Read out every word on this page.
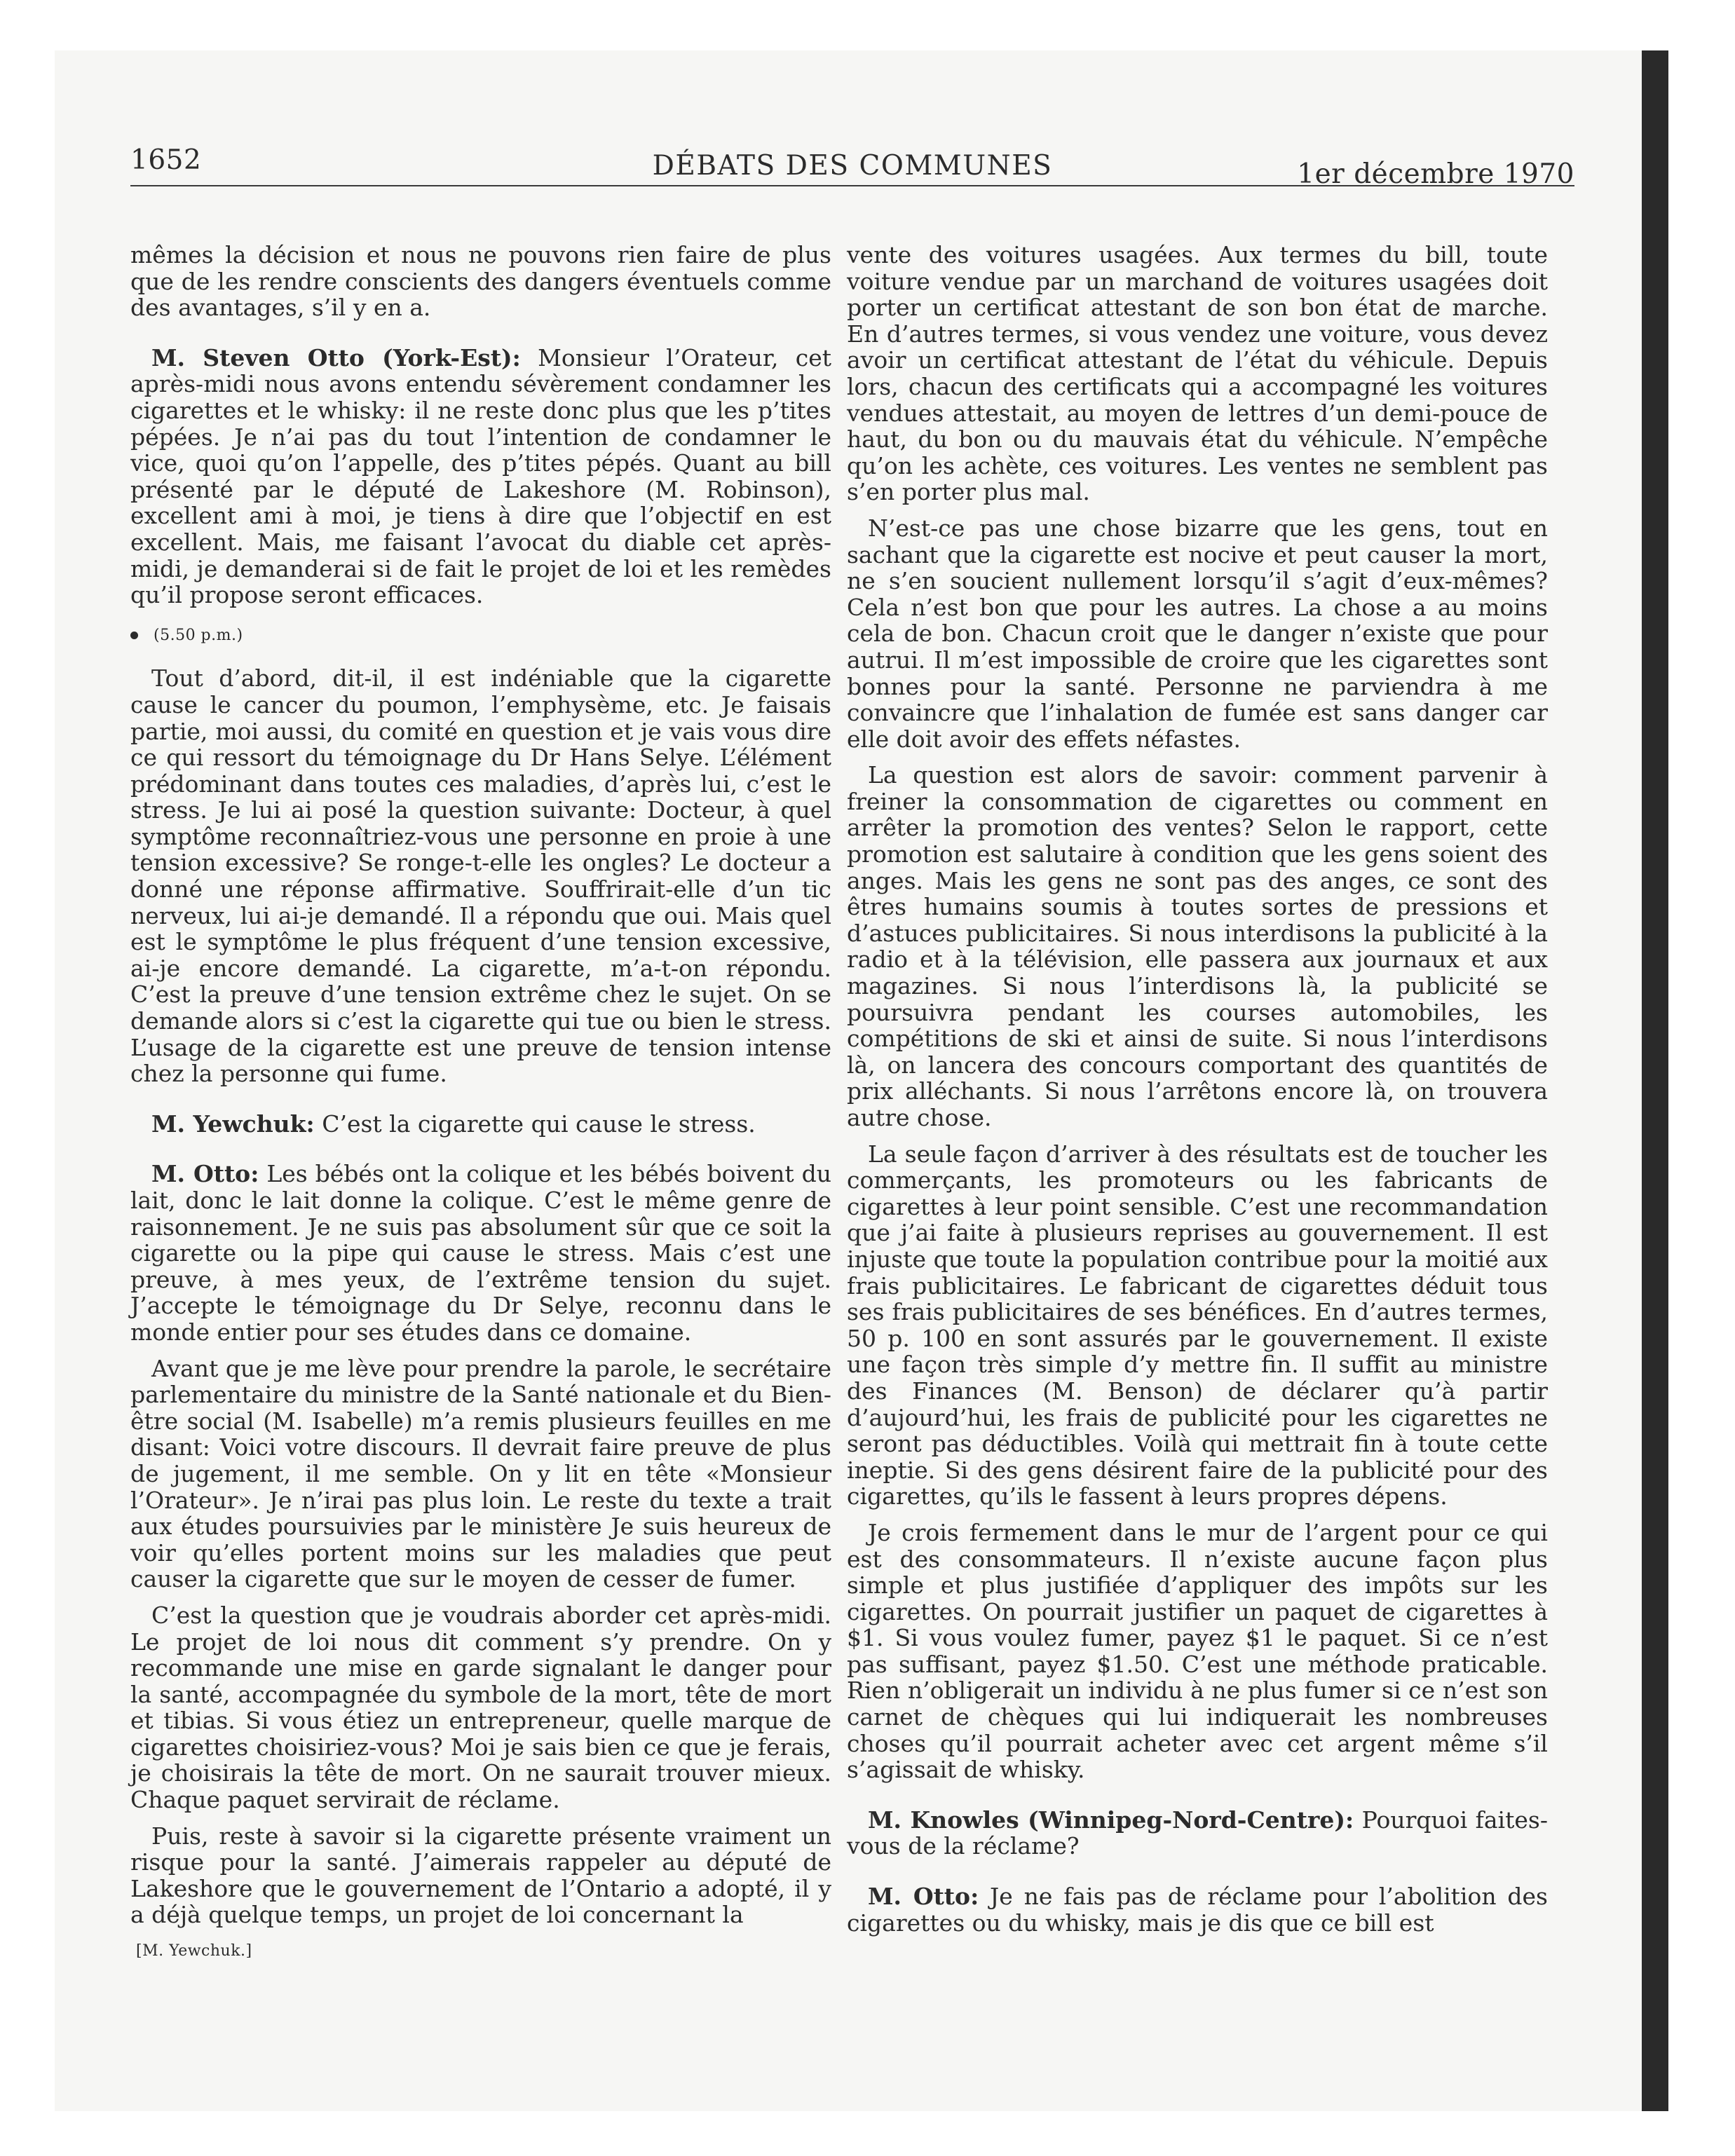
1652	DÉBATS DES COMMUNES	1er décembre 1970

mêmes la décision et nous ne pouvons rien faire de plus que de les rendre conscients des dangers éventuels comme des avantages, s’il y en a.

M. Steven Otto (York-Est): Monsieur l’Orateur, cet après-midi nous avons entendu sévèrement condamner les cigarettes et le whisky: il ne reste donc plus que les p’tites pépées. Je n’ai pas du tout l’intention de condamner le vice, quoi qu’on l’appelle, des p’tites pépés. Quant au bill présenté par le député de Lakeshore (M. Robinson), excellent ami à moi, je tiens à dire que l’objectif en est excellent. Mais, me faisant l’avocat du diable cet après-midi, je demanderai si de fait le projet de loi et les remèdes qu’il propose seront efficaces.

(5.50 p.m.)

Tout d’abord, dit-il, il est indéniable que la cigarette cause le cancer du poumon, l’emphysème, etc. Je faisais partie, moi aussi, du comité en question et je vais vous dire ce qui ressort du témoignage du Dr Hans Selye. L’élément prédominant dans toutes ces maladies, d’après lui, c’est le stress. Je lui ai posé la question suivante: Docteur, à quel symptôme reconnaîtriez-vous une personne en proie à une tension excessive? Se ronge-t-elle les ongles? Le docteur a donné une réponse affirmative. Souffrirait-elle d’un tic nerveux, lui ai-je demandé. Il a répondu que oui. Mais quel est le symptôme le plus fréquent d’une tension excessive, ai-je encore demandé. La cigarette, m’a-t-on répondu. C’est la preuve d’une tension extrême chez le sujet. On se demande alors si c’est la cigarette qui tue ou bien le stress. L’usage de la cigarette est une preuve de tension intense chez la personne qui fume.

M. Yewchuk: C’est la cigarette qui cause le stress.

M. Otto: Les bébés ont la colique et les bébés boivent du lait, donc le lait donne la colique. C’est le même genre de raisonnement. Je ne suis pas absolument sûr que ce soit la cigarette ou la pipe qui cause le stress. Mais c’est une preuve, à mes yeux, de l’extrême tension du sujet. J’accepte le témoignage du Dr Selye, reconnu dans le monde entier pour ses études dans ce domaine.

Avant que je me lève pour prendre la parole, le secrétaire parlementaire du ministre de la Santé nationale et du Bien-être social (M. Isabelle) m’a remis plusieurs feuilles en me disant: Voici votre discours. Il devrait faire preuve de plus de jugement, il me semble. On y lit en tête «Monsieur l’Orateur». Je n’irai pas plus loin. Le reste du texte a trait aux études poursuivies par le ministère Je suis heureux de voir qu’elles portent moins sur les maladies que peut causer la cigarette que sur le moyen de cesser de fumer.

C’est la question que je voudrais aborder cet après-midi. Le projet de loi nous dit comment s’y prendre. On y recommande une mise en garde signalant le danger pour la santé, accompagnée du symbole de la mort, tête de mort et tibias. Si vous étiez un entrepreneur, quelle marque de cigarettes choisiriez-vous? Moi je sais bien ce que je ferais, je choisirais la tête de mort. On ne saurait trouver mieux. Chaque paquet servirait de réclame.

Puis, reste à savoir si la cigarette présente vraiment un risque pour la santé. J’aimerais rappeler au député de Lakeshore que le gouvernement de l’Ontario a adopté, il y a déjà quelque temps, un projet de loi concernant la

[M. Yewchuk.]

vente des voitures usagées. Aux termes du bill, toute voiture vendue par un marchand de voitures usagées doit porter un certificat attestant de son bon état de marche. En d’autres termes, si vous vendez une voiture, vous devez avoir un certificat attestant de l’état du véhicule. Depuis lors, chacun des certificats qui a accompagné les voitures vendues attestait, au moyen de lettres d’un demi-pouce de haut, du bon ou du mauvais état du véhicule. N’empêche qu’on les achète, ces voitures. Les ventes ne semblent pas s’en porter plus mal.

N’est-ce pas une chose bizarre que les gens, tout en sachant que la cigarette est nocive et peut causer la mort, ne s’en soucient nullement lorsqu’il s’agit d’eux-mêmes? Cela n’est bon que pour les autres. La chose a au moins cela de bon. Chacun croit que le danger n’existe que pour autrui. Il m’est impossible de croire que les cigarettes sont bonnes pour la santé. Personne ne parviendra à me convaincre que l’inhalation de fumée est sans danger car elle doit avoir des effets néfastes.

La question est alors de savoir: comment parvenir à freiner la consommation de cigarettes ou comment en arrêter la promotion des ventes? Selon le rapport, cette promotion est salutaire à condition que les gens soient des anges. Mais les gens ne sont pas des anges, ce sont des êtres humains soumis à toutes sortes de pressions et d’astuces publicitaires. Si nous interdisons la publicité à la radio et à la télévision, elle passera aux journaux et aux magazines. Si nous l’interdisons là, la publicité se poursuivra pendant les courses automobiles, les compétitions de ski et ainsi de suite. Si nous l’interdisons là, on lancera des concours comportant des quantités de prix alléchants. Si nous l’arrêtons encore là, on trouvera autre chose.

La seule façon d’arriver à des résultats est de toucher les commerçants, les promoteurs ou les fabricants de cigarettes à leur point sensible. C’est une recommandation que j’ai faite à plusieurs reprises au gouvernement. Il est injuste que toute la population contribue pour la moitié aux frais publicitaires. Le fabricant de cigarettes déduit tous ses frais publicitaires de ses bénéfices. En d’autres termes, 50 p. 100 en sont assurés par le gouvernement. Il existe une façon très simple d’y mettre fin. Il suffit au ministre des Finances (M. Benson) de déclarer qu’à partir d’aujourd’hui, les frais de publicité pour les cigarettes ne seront pas déductibles. Voilà qui mettrait fin à toute cette ineptie. Si des gens désirent faire de la publicité pour des cigarettes, qu’ils le fassent à leurs propres dépens.

Je crois fermement dans le mur de l’argent pour ce qui est des consommateurs. Il n’existe aucune façon plus simple et plus justifiée d’appliquer des impôts sur les cigarettes. On pourrait justifier un paquet de cigarettes à $1. Si vous voulez fumer, payez $1 le paquet. Si ce n’est pas suffisant, payez $1.50. C’est une méthode praticable. Rien n’obligerait un individu à ne plus fumer si ce n’est son carnet de chèques qui lui indiquerait les nombreuses choses qu’il pourrait acheter avec cet argent même s’il s’agissait de whisky.

M. Knowles (Winnipeg-Nord-Centre): Pourquoi faites-vous de la réclame?

M. Otto: Je ne fais pas de réclame pour l’abolition des cigarettes ou du whisky, mais je dis que ce bill est
